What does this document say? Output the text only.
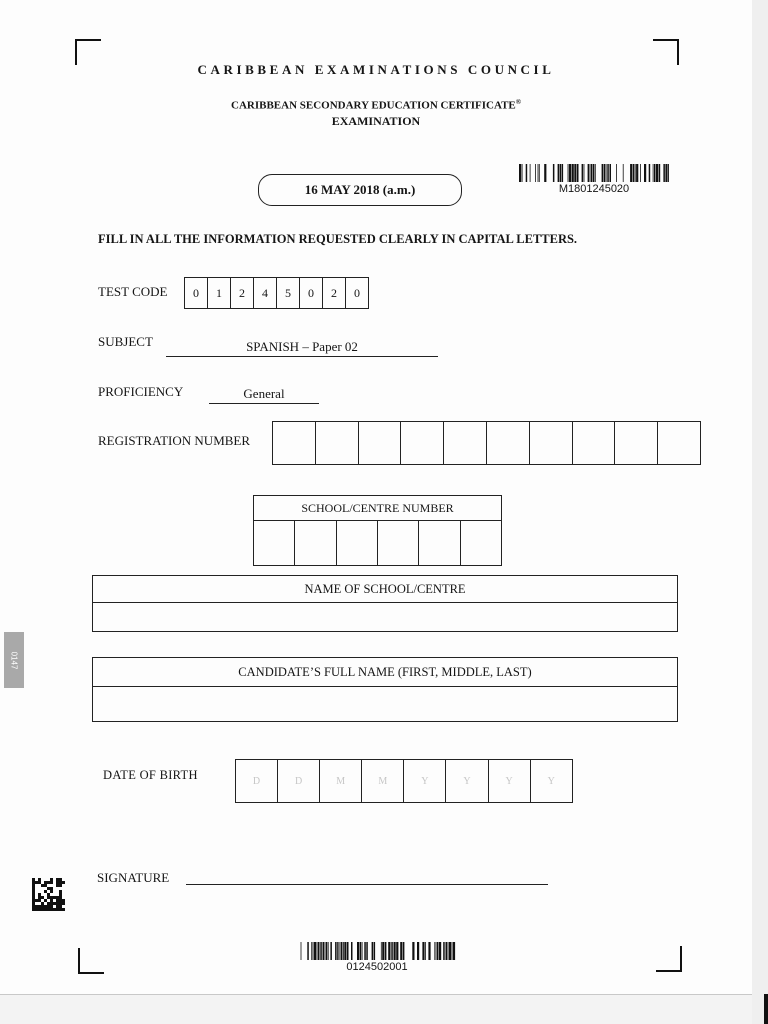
CARIBBEAN EXAMINATIONS COUNCIL
CARIBBEAN SECONDARY EDUCATION CERTIFICATE®
EXAMINATION
16 MAY 2018 (a.m.)	M1801245020
FILL IN ALL THE INFORMATION REQUESTED CLEARLY IN CAPITAL LETTERS.
TEST CODE	0	1	2	4	5	0	2	0
SUBJECT	SPANISH – Paper 02
PROFICIENCY	General
REGISTRATION NUMBER
SCHOOL/CENTRE NUMBER
NAME OF SCHOOL/CENTRE
CANDIDATE’S FULL NAME (FIRST, MIDDLE, LAST)
DATE OF BIRTH	D	D	M	M	Y	Y	Y	Y
SIGNATURE
0124502001
0147
